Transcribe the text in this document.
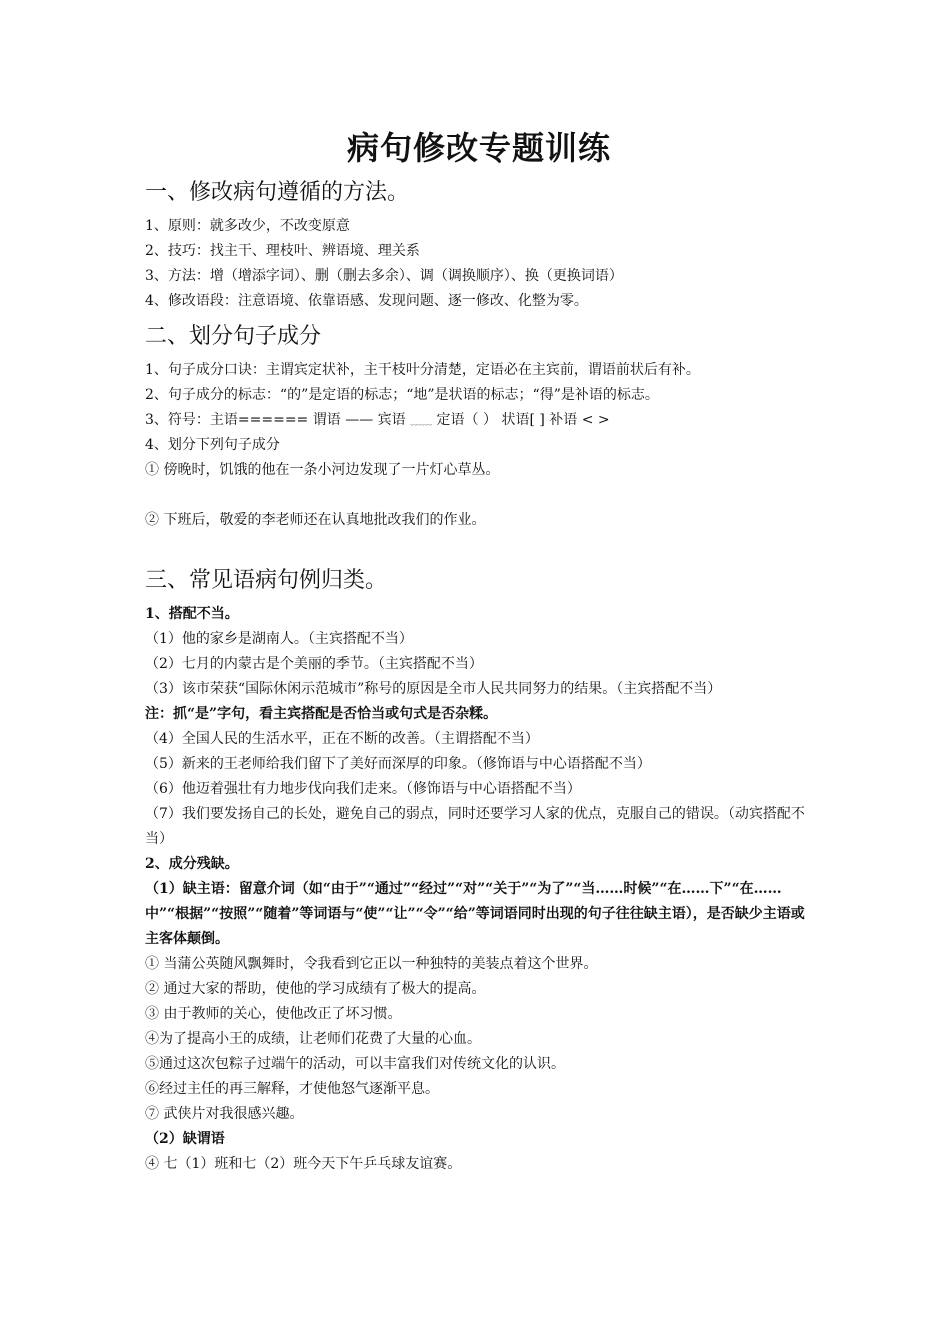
病句修改专题训练
一、修改病句遵循的方法。

1、原则：就多改少，不改变原意

2、技巧：找主干、理枝叶、辨语境、理关系

3、方法：增（增添字词）、删（删去多余）、调（调换顺序）、换（更换词语）

4、修改语段：注意语境、依靠语感、发现问题、逐一修改、化整为零。

二、划分句子成分

1、句子成分口诀：主谓宾定状补，主干枝叶分清楚，定语必在主宾前，谓语前状后有补。

2、句子成分的标志：“的”是定语的标志；“地”是状语的标志；“得”是补语的标志。

3、符号：主语====== 谓语 —— 宾语 ﹏﹏ 定语（ ） 状语[ ] 补语 < >

4、划分下列句子成分

① 傍晚时，饥饿的他在一条小河边发现了一片灯心草丛。

② 下班后，敬爱的李老师还在认真地批改我们的作业。

三、常见语病句例归类。

1、搭配不当。

（1）他的家乡是湖南人。（主宾搭配不当）

（2）七月的内蒙古是个美丽的季节。（主宾搭配不当）

（3）该市荣获“国际休闲示范城市”称号的原因是全市人民共同努力的结果。（主宾搭配不当）

注：抓“是”字句，看主宾搭配是否恰当或句式是否杂糅。

（4）全国人民的生活水平，正在不断的改善。（主谓搭配不当）

（5）新来的王老师给我们留下了美好而深厚的印象。（修饰语与中心语搭配不当）

（6）他迈着强壮有力地步伐向我们走来。（修饰语与中心语搭配不当）

（7）我们要发扬自己的长处，避免自己的弱点，同时还要学习人家的优点，克服自己的错误。（动宾搭配不当）

2、成分残缺。

（1）缺主语：留意介词（如“由于”“通过”“经过”“对”“关于”“为了”“当……时候”“在……下”“在……中”“根据”“按照”“随着”等词语与“使”“让”“令”“给”等词语同时出现的句子往往缺主语），是否缺少主语或主客体颠倒。

① 当蒲公英随风飘舞时，令我看到它正以一种独特的美装点着这个世界。

② 通过大家的帮助，使他的学习成绩有了极大的提高。

③ 由于教师的关心，使他改正了坏习惯。

④为了提高小王的成绩，让老师们花费了大量的心血。

⑤通过这次包粽子过端午的活动，可以丰富我们对传统文化的认识。

⑥经过主任的再三解释，才使他怒气逐渐平息。

⑦ 武侠片对我很感兴趣。

（2）缺谓语

④ 七（1）班和七（2）班今天下午乒乓球友谊赛。
